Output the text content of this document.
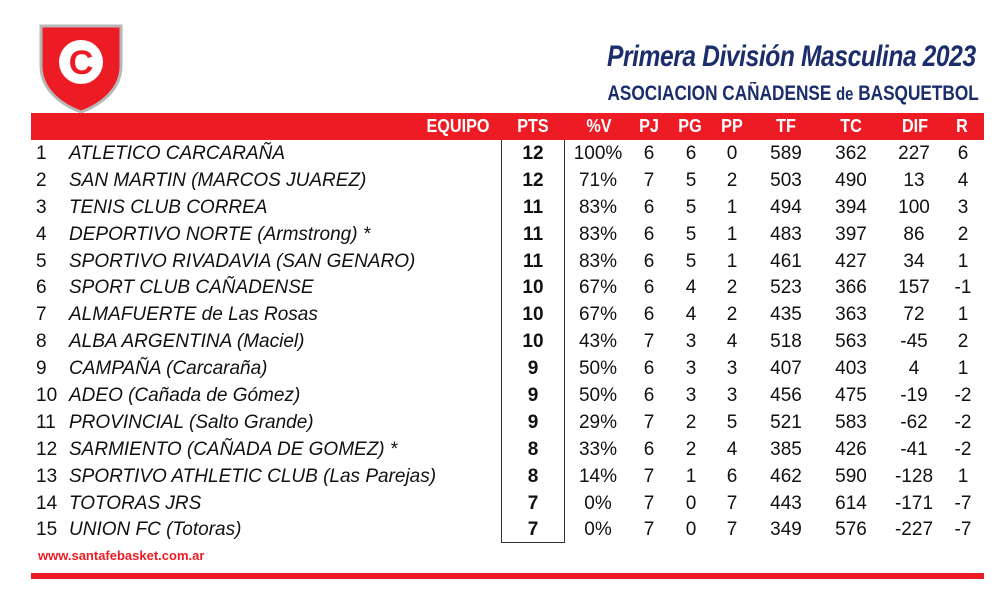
C	Primera División Masculina 2023
ASOCIACION CAÑADENSE de BASQUETBOL
EQUIPO	PTS	%V	PJ PG PP	TF	TC	DIF	R
1	ATLETICO CARCARAÑA	12	100%	6	6	0	589	362	227	6
2	SAN MARTIN (MARCOS JUAREZ)	12	71%	7	5	2	503	490	13	4
3	TENIS CLUB CORREA	11	83%	6	5	1	494	394	100	3
4	DEPORTIVO NORTE (Armstrong) *	11	83%	6	5	1	483	397	86	2
5	SPORTIVO RIVADAVIA (SAN GENARO)	11	83%	6	5	1	461	427	34	1
6	SPORT CLUB CAÑADENSE	10	67%	6	4	2	523	366	157	-1
7	ALMAFUERTE de Las Rosas	10	67%	6	4	2	435	363	72	1
8	ALBA ARGENTINA (Maciel)	10	43%	7	3	4	518	563	-45	2
9	CAMPAÑA (Carcaraña)	9	50%	6	3	3	407	403	4	1
10 ADEO (Cañada de Gómez)	9	50%	6	3	3	456	475	-19	-2
11 PROVINCIAL (Salto Grande)	9	29%	7	2	5	521	583	-62	-2
12 SARMIENTO (CAÑADA DE GOMEZ) *	8	33%	6	2	4	385	426	-41	-2
13 SPORTIVO ATHLETIC CLUB (Las Parejas)	8	14%	7	1	6	462	590	-128	1
14 TOTORAS JRS	7	0%	7	0	7	443	614	-171	-7
15 UNION FC (Totoras)	7	0%	7	0	7	349	576	-227	-7
www.santafebasket.com.ar
